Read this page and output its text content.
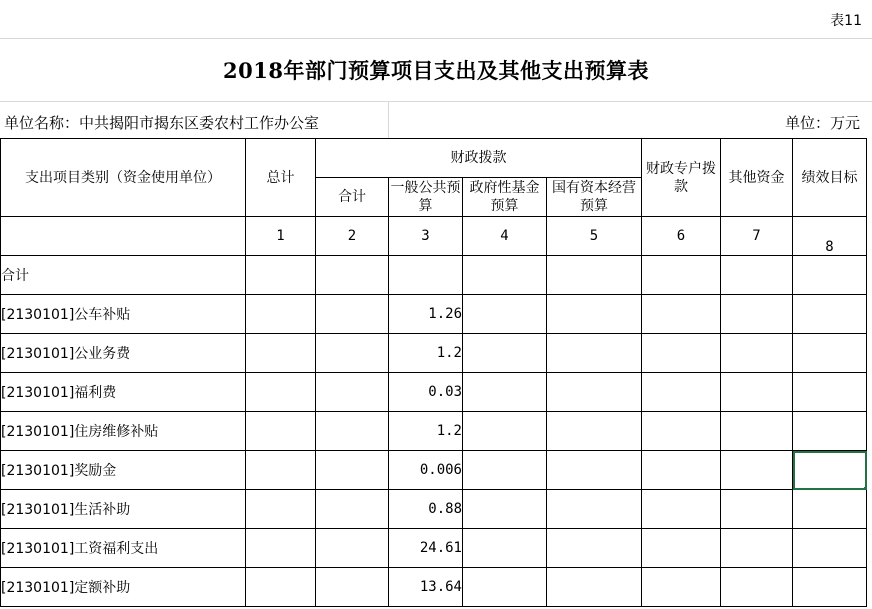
表11
2018年部门预算项目支出及其他支出预算表
单位名称：中共揭阳市揭东区委农村工作办公室	单位：万元
支出项目类别（资金使用单位）	总计	财政拨款				财政专户拨款	其他资金	绩效目标
		合计	一般公共预算	政府性基金预算	国有资本经营预算			
	1	2	3	4	5	6	7	8
合计								
[2130101]公车补贴			1.26					
[2130101]公业务费			1.2					
[2130101]福利费			0.03					
[2130101]住房维修补贴			1.2					
[2130101]奖励金			0.006					
[2130101]生活补助			0.88					
[2130101]工资福利支出			24.61					
[2130101]定额补助			13.64					
